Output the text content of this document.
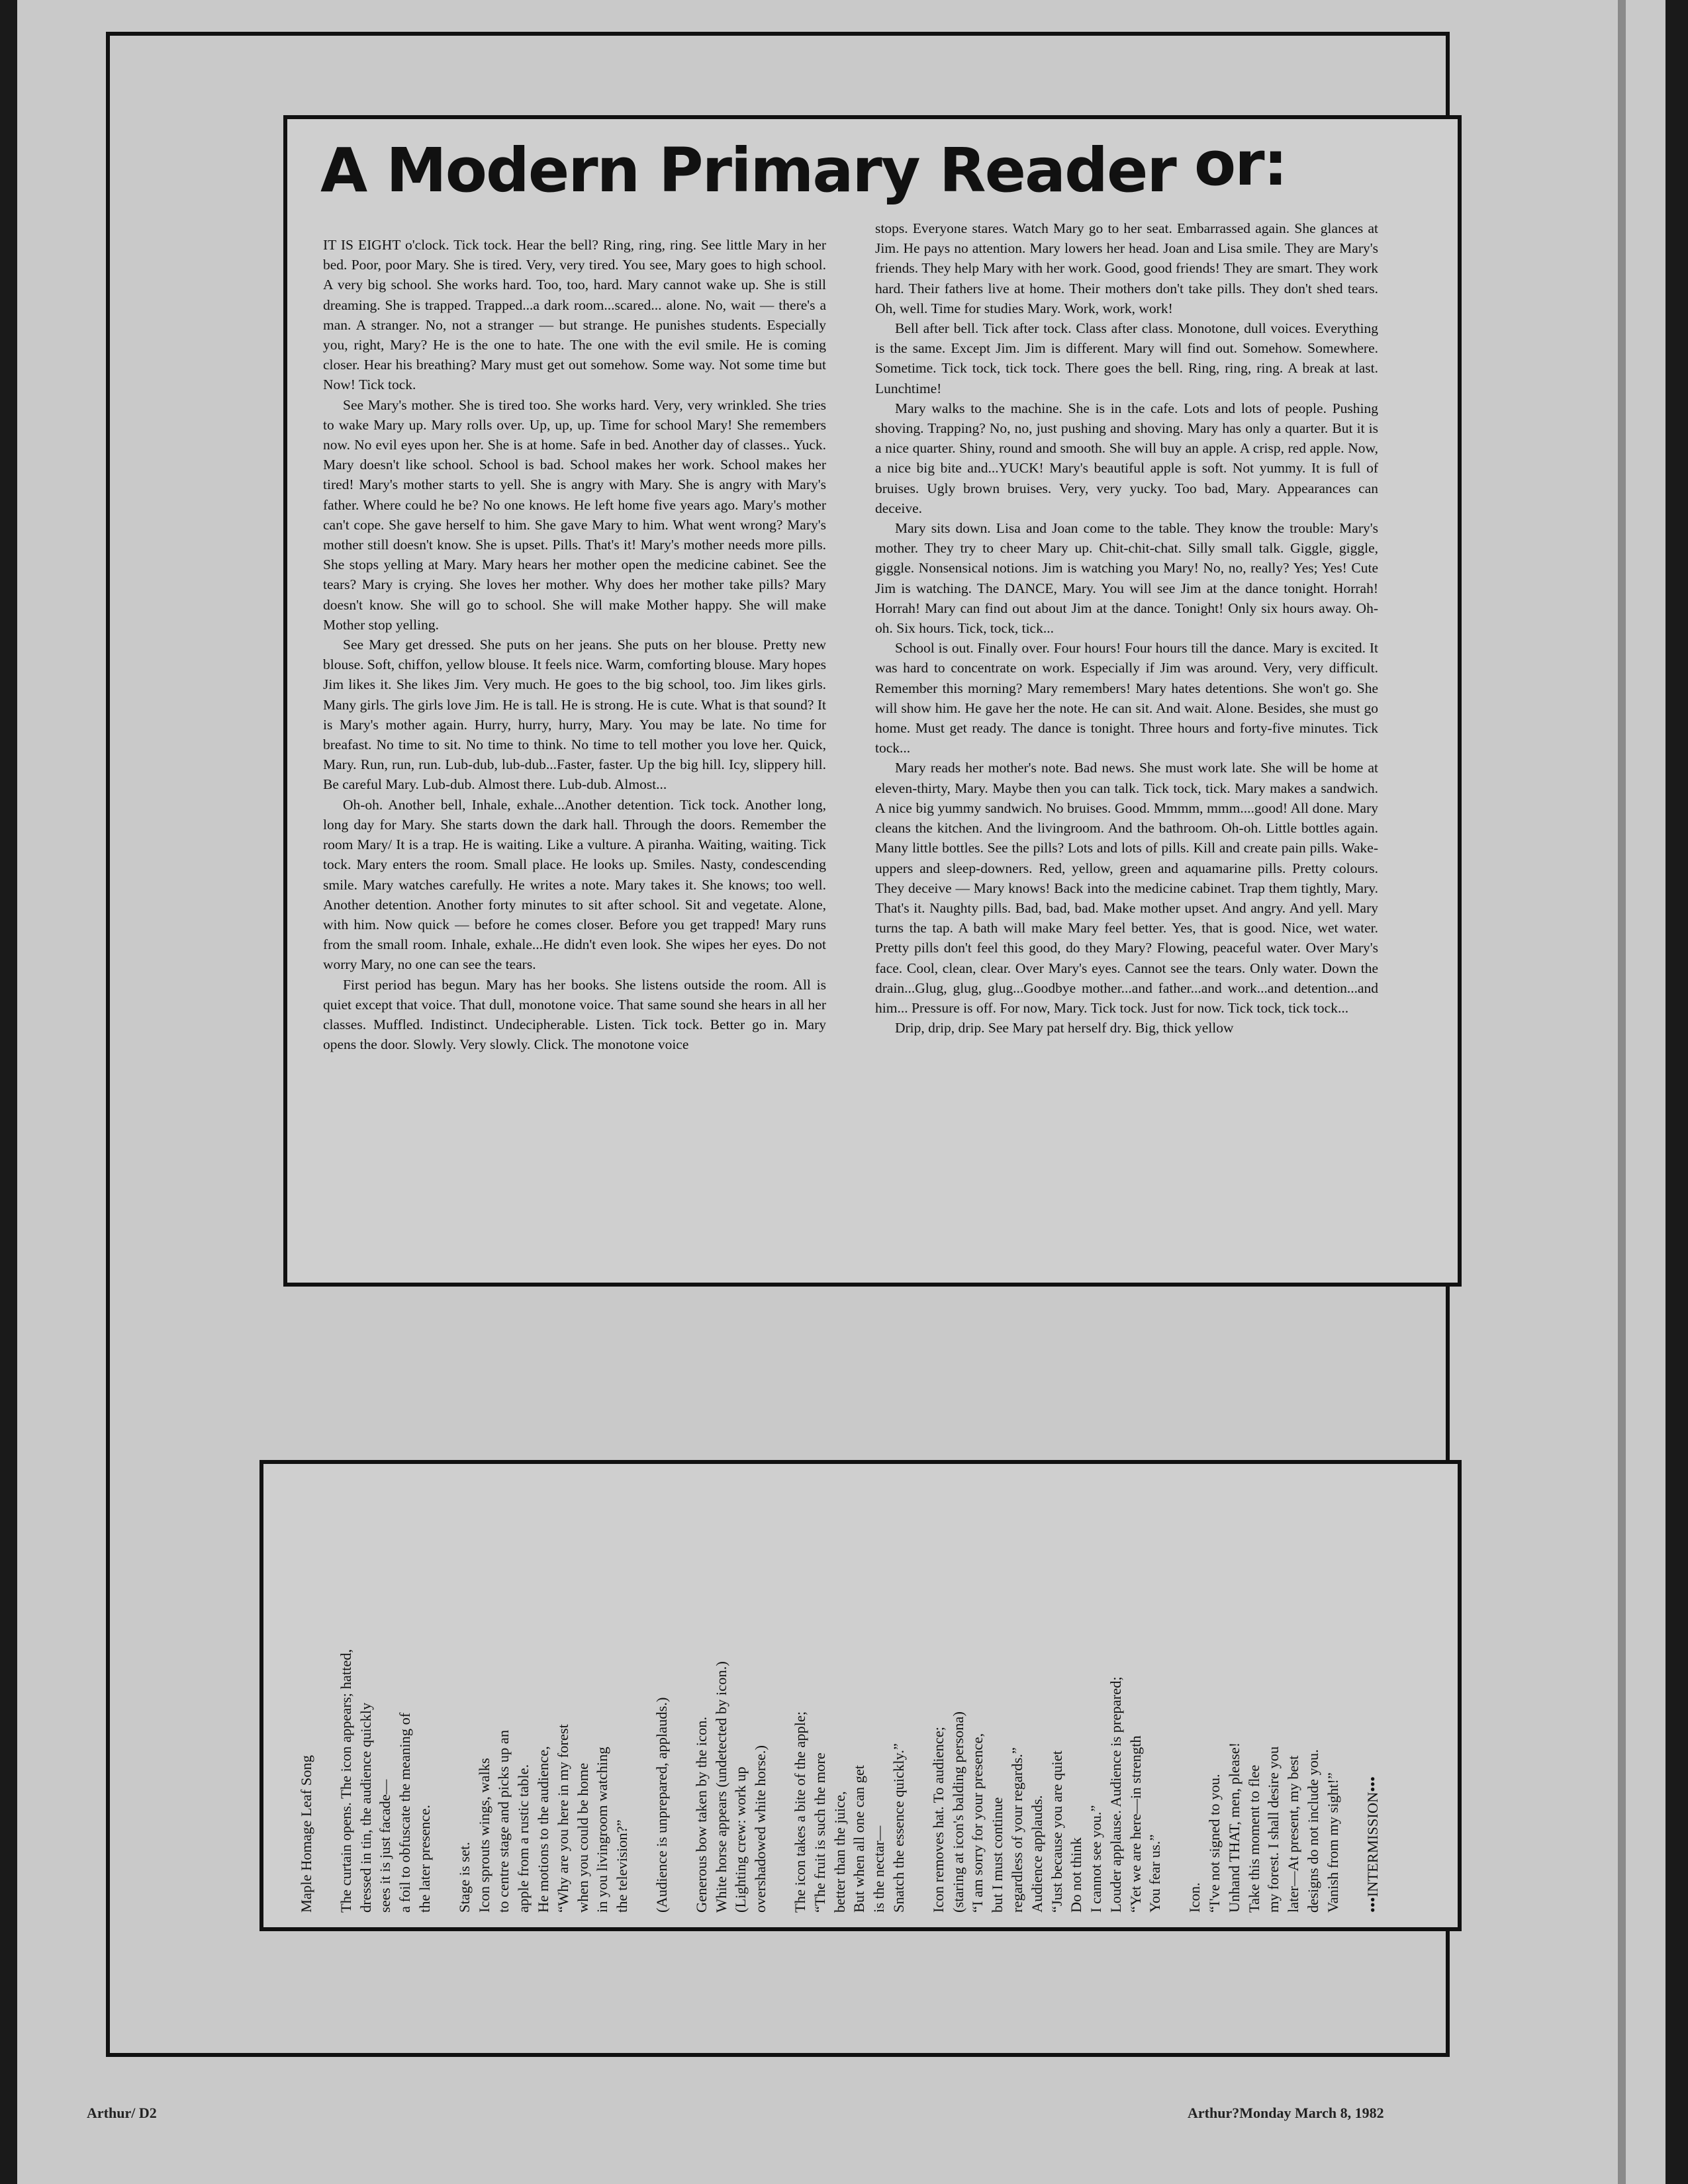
A Modern Primary Reader or:

IT IS EIGHT o'clock. Tick tock. Hear the bell? Ring, ring, ring. See little Mary in her bed. Poor, poor Mary. She is tired. Very, very tired. You see, Mary goes to high school. A very big school. She works hard. Too, too, hard. Mary cannot wake up. She is still dreaming. She is trapped. Trapped...a dark room...scared... alone. No, wait — there's a man. A stranger. No, not a stranger — but strange. He punishes students. Especially you, right, Mary? He is the one to hate. The one with the evil smile. He is coming closer. Hear his breathing? Mary must get out somehow. Some way. Not some time but Now! Tick tock.

See Mary's mother. She is tired too. She works hard. Very, very wrinkled. She tries to wake Mary up. Mary rolls over. Up, up, up. Time for school Mary! She remembers now. No evil eyes upon her. She is at home. Safe in bed. Another day of classes.. Yuck. Mary doesn't like school. School is bad. School makes her work. School makes her tired! Mary's mother starts to yell. She is angry with Mary. She is angry with Mary's father. Where could he be? No one knows. He left home five years ago. Mary's mother can't cope. She gave herself to him. She gave Mary to him. What went wrong? Mary's mother still doesn't know. She is upset. Pills. That's it! Mary's mother needs more pills. She stops yelling at Mary. Mary hears her mother open the medicine cabinet. See the tears? Mary is crying. She loves her mother. Why does her mother take pills? Mary doesn't know. She will go to school. She will make Mother happy. She will make Mother stop yelling.

See Mary get dressed. She puts on her jeans. She puts on her blouse. Pretty new blouse. Soft, chiffon, yellow blouse. It feels nice. Warm, comforting blouse. Mary hopes Jim likes it. She likes Jim. Very much. He goes to the big school, too. Jim likes girls. Many girls. The girls love Jim. He is tall. He is strong. He is cute. What is that sound? It is Mary's mother again. Hurry, hurry, hurry, Mary. You may be late. No time for breafast. No time to sit. No time to think. No time to tell mother you love her. Quick, Mary. Run, run, run. Lub-dub, lub-dub...Faster, faster. Up the big hill. Icy, slippery hill. Be careful Mary. Lub-dub. Almost there. Lub-dub. Almost...

Oh-oh. Another bell, Inhale, exhale...Another detention. Tick tock. Another long, long day for Mary. She starts down the dark hall. Through the doors. Remember the room Mary/ It is a trap. He is waiting. Like a vulture. A piranha. Waiting, waiting. Tick tock. Mary enters the room. Small place. He looks up. Smiles. Nasty, condescending smile. Mary watches carefully. He writes a note. Mary takes it. She knows; too well. Another detention. Another forty minutes to sit after school. Sit and vegetate. Alone, with him. Now quick — before he comes closer. Before you get trapped! Mary runs from the small room. Inhale, exhale...He didn't even look. She wipes her eyes. Do not worry Mary, no one can see the tears.

First period has begun. Mary has her books. She listens outside the room. All is quiet except that voice. That dull, monotone voice. That same sound she hears in all her classes. Muffled. Indistinct. Undecipherable. Listen. Tick tock. Better go in. Mary opens the door. Slowly. Very slowly. Click. The monotone voice

stops. Everyone stares. Watch Mary go to her seat. Embarrassed again. She glances at Jim. He pays no attention. Mary lowers her head. Joan and Lisa smile. They are Mary's friends. They help Mary with her work. Good, good friends! They are smart. They work hard. Their fathers live at home. Their mothers don't take pills. They don't shed tears. Oh, well. Time for studies Mary. Work, work, work!

Bell after bell. Tick after tock. Class after class. Monotone, dull voices. Everything is the same. Except Jim. Jim is different. Mary will find out. Somehow. Somewhere. Sometime. Tick tock, tick tock. There goes the bell. Ring, ring, ring. A break at last. Lunchtime!

Mary walks to the machine. She is in the cafe. Lots and lots of people. Pushing shoving. Trapping? No, no, just pushing and shoving. Mary has only a quarter. But it is a nice quarter. Shiny, round and smooth. She will buy an apple. A crisp, red apple. Now, a nice big bite and...YUCK! Mary's beautiful apple is soft. Not yummy. It is full of bruises. Ugly brown bruises. Very, very yucky. Too bad, Mary. Appearances can deceive.

Mary sits down. Lisa and Joan come to the table. They know the trouble: Mary's mother. They try to cheer Mary up. Chit-chit-chat. Silly small talk. Giggle, giggle, giggle. Nonsensical notions. Jim is watching you Mary! No, no, really? Yes; Yes! Cute Jim is watching. The DANCE, Mary. You will see Jim at the dance tonight. Horrah! Horrah! Mary can find out about Jim at the dance. Tonight! Only six hours away. Oh-oh. Six hours. Tick, tock, tick...

School is out. Finally over. Four hours! Four hours till the dance. Mary is excited. It was hard to concentrate on work. Especially if Jim was around. Very, very difficult. Remember this morning? Mary remembers! Mary hates detentions. She won't go. She will show him. He gave her the note. He can sit. And wait. Alone. Besides, she must go home. Must get ready. The dance is tonight. Three hours and forty-five minutes. Tick tock...

Mary reads her mother's note. Bad news. She must work late. She will be home at eleven-thirty, Mary. Maybe then you can talk. Tick tock, tick. Mary makes a sandwich. A nice big yummy sandwich. No bruises. Good. Mmmm, mmm....good! All done. Mary cleans the kitchen. And the livingroom. And the bathroom. Oh-oh. Little bottles again. Many little bottles. See the pills? Lots and lots of pills. Kill and create pain pills. Wake-uppers and sleep-downers. Red, yellow, green and aquamarine pills. Pretty colours. They deceive — Mary knows! Back into the medicine cabinet. Trap them tightly, Mary. That's it. Naughty pills. Bad, bad, bad. Make mother upset. And angry. And yell. Mary turns the tap. A bath will make Mary feel better. Yes, that is good. Nice, wet water. Pretty pills don't feel this good, do they Mary? Flowing, peaceful water. Over Mary's face. Cool, clean, clear. Over Mary's eyes. Cannot see the tears. Only water. Down the drain...Glug, glug, glug...Goodbye mother...and father...and work...and detention...and him... Pressure is off. For now, Mary. Tick tock. Just for now. Tick tock, tick tock...

Drip, drip, drip. See Mary pat herself dry. Big, thick yellow

Maple Homage Leaf Song The curtain opens. The icon appears; hatted,
dressed in tin, the audience quickly
sees it is just facade—
a foil to obfuscate the meaning of
the later presence.
Stage is set.
Icon sprouts wings, walks
to centre stage and picks up an
apple from a rustic table.
He motions to the audience,
“Why are you here in my forest
when you could be home
in you livingroom watching
the television?” (Audience is unprepared, applauds.) Generous bow taken by the icon.
White horse appears (undetected by icon.)
(Lighting crew: work up
overshadowed white horse.)
The icon takes a bite of the apple;
“The fruit is such the more
better than the juice,
But when all one can get
is the nectar—
Snatch the essence quickly.”
Icon removes hat. To audience;
(staring at icon's balding persona)
“I am sorry for your presence,
but I must continue
regardless of your regards.”
Audience applauds.
“Just because you are quiet
Do not think
I cannot see you.”
Louder applause. Audience is prepared;
“Yet we are here—in strength
You fear us.”
Icon.
“I've not signed to you.
Unhand THAT, men, please!
Take this moment to flee
my forest. I shall desire you
later—At present, my best
designs do not include you.
Vanish from my sight!” •••INTERMISSION•••
Arthur/ D2	Arthur?Monday March 8, 1982
